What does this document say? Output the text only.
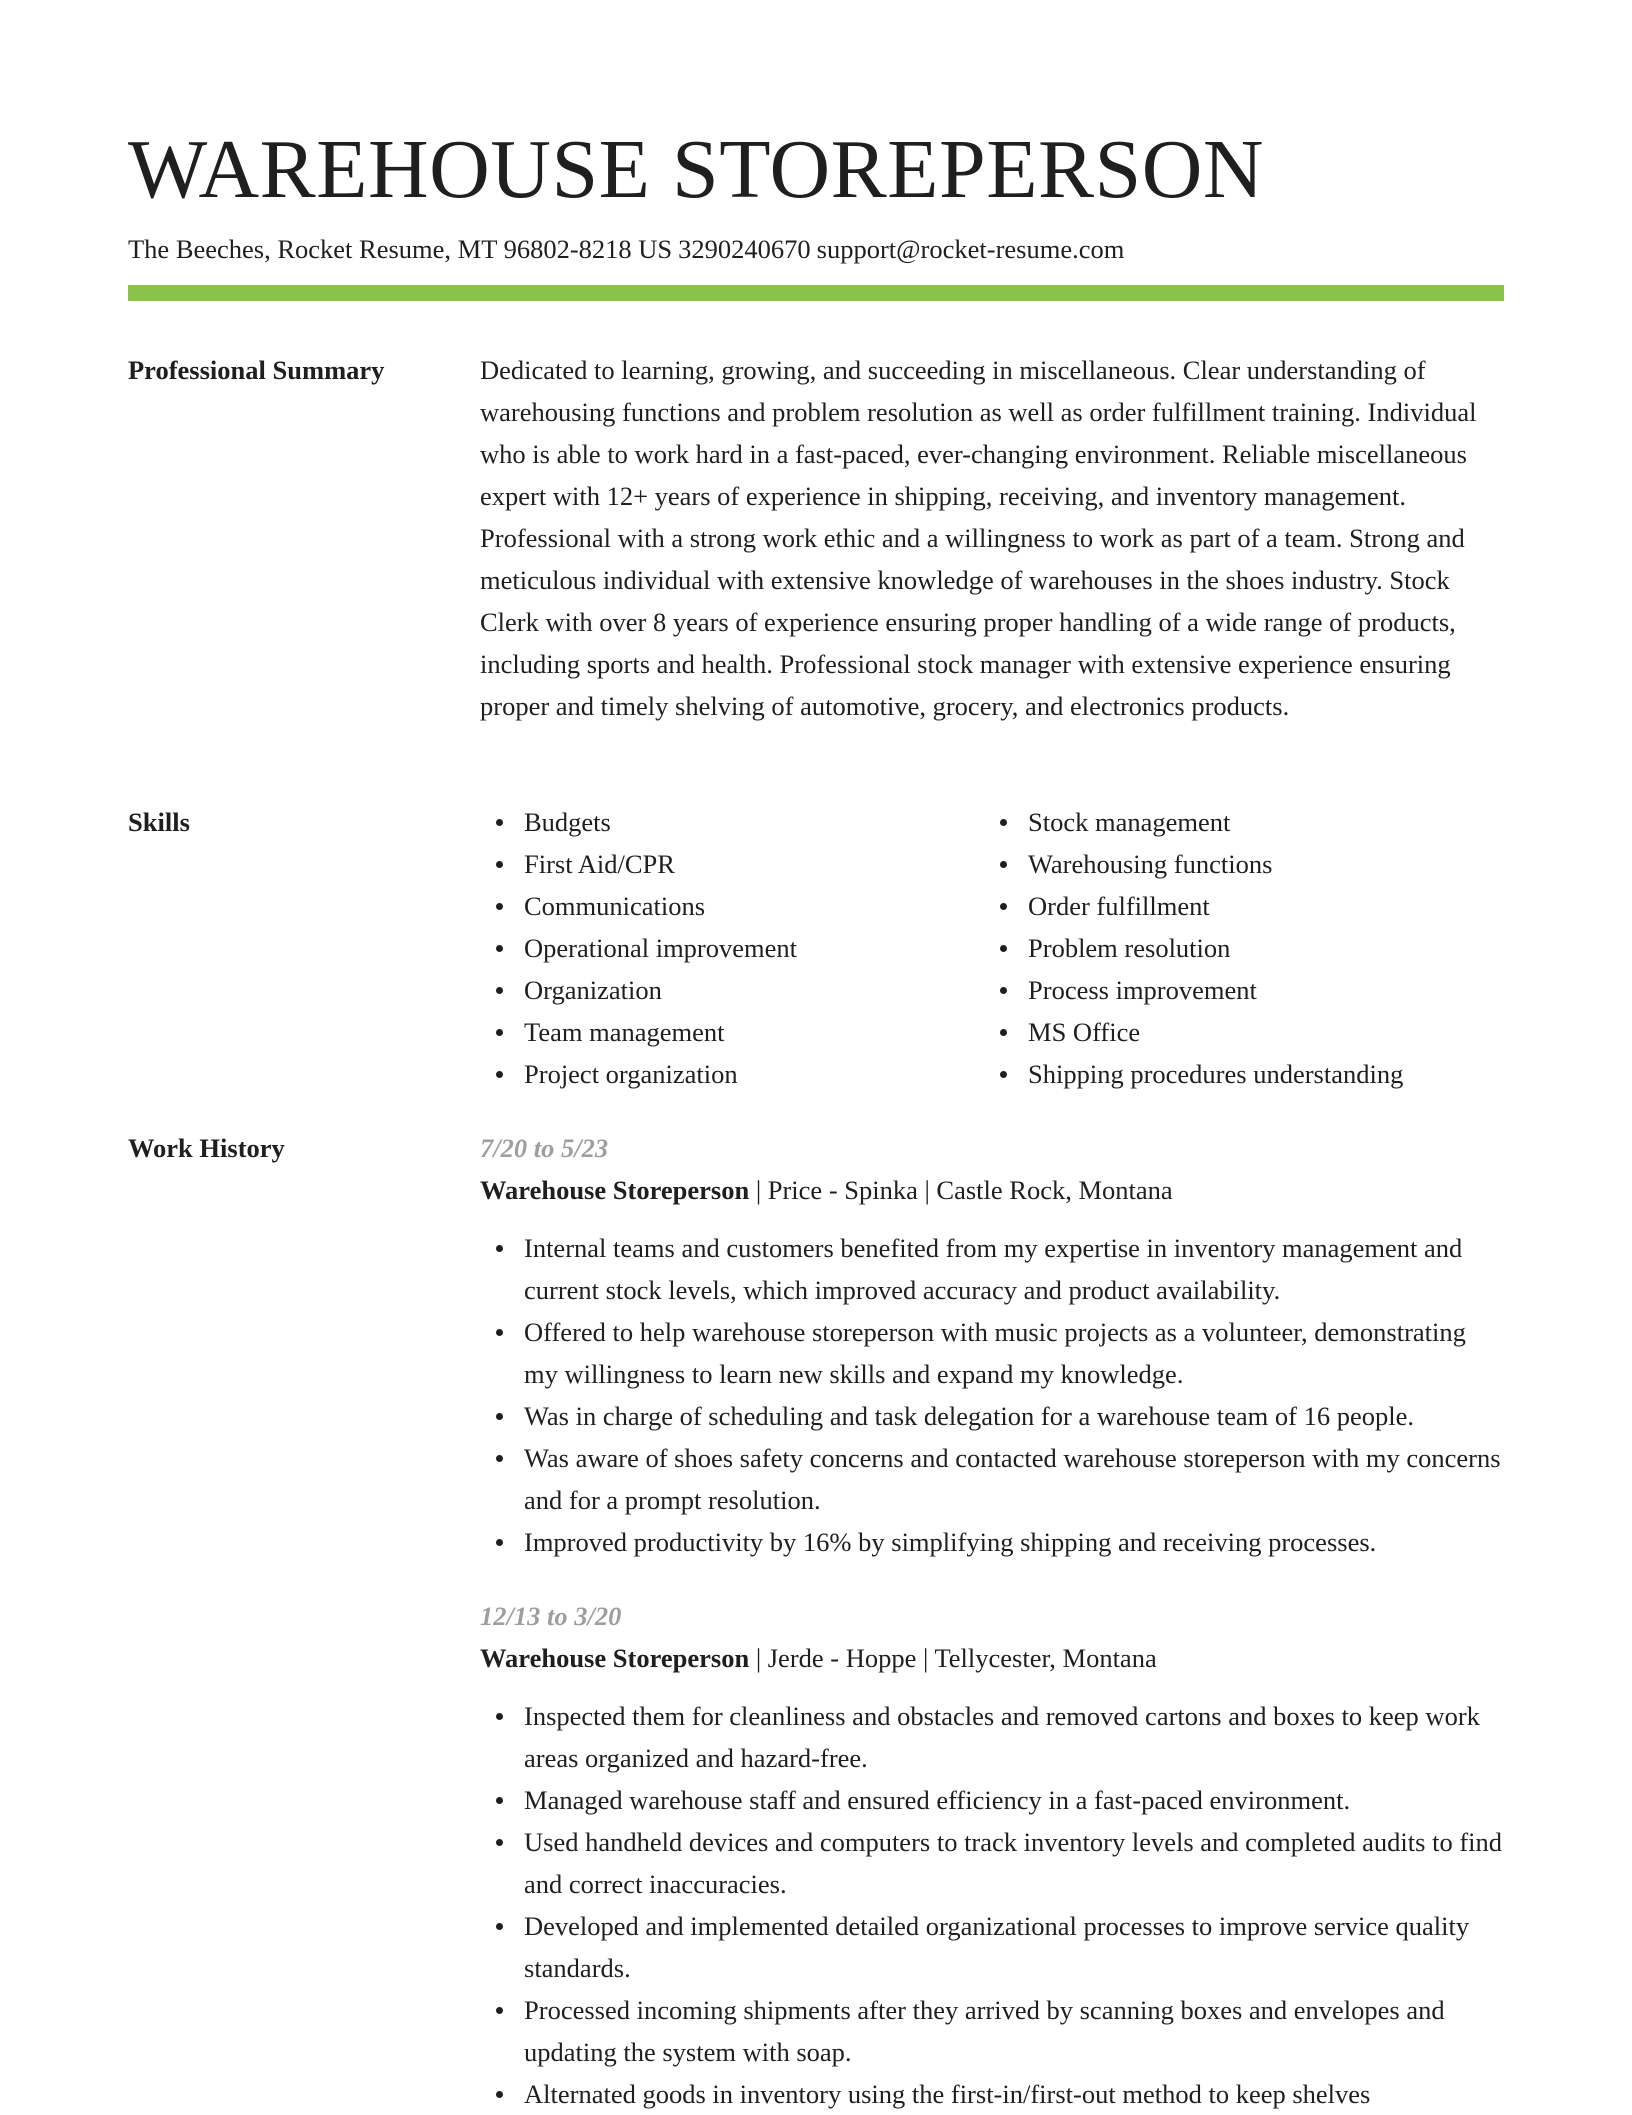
WAREHOUSE STOREPERSON
The Beeches, Rocket Resume, MT 96802-8218 US 3290240670 support@rocket-resume.com
Professional Summary	Dedicated to learning, growing, and succeeding in miscellaneous. Clear understanding of warehousing functions and problem resolution as well as order fulfillment training. Individual who is able to work hard in a fast-paced, ever-changing environment. Reliable miscellaneous expert with 12+ years of experience in shipping, receiving, and inventory management. Professional with a strong work ethic and a willingness to work as part of a team. Strong and meticulous individual with extensive knowledge of warehouses in the shoes industry. Stock Clerk with over 8 years of experience ensuring proper handling of a wide range of products, including sports and health. Professional stock manager with extensive experience ensuring proper and timely shelving of automotive, grocery, and electronics products.

Skills	Budgets
First Aid/CPR
Communications
Operational improvement
Organization
Team management
Project organization
Stock management
Warehousing functions
Order fulfillment
Problem resolution
Process improvement
MS Office
Shipping procedures understanding
Work History	7/20 to 5/23
Warehouse Storeperson | Price - Spinka | Castle Rock, Montana
Internal teams and customers benefited from my expertise in inventory management and current stock levels, which improved accuracy and product availability.
Offered to help warehouse storeperson with music projects as a volunteer, demonstrating my willingness to learn new skills and expand my knowledge.
Was in charge of scheduling and task delegation for a warehouse team of 16 people.
Was aware of shoes safety concerns and contacted warehouse storeperson with my concerns and for a prompt resolution.
Improved productivity by 16% by simplifying shipping and receiving processes.
12/13 to 3/20
Warehouse Storeperson | Jerde - Hoppe | Tellycester, Montana
Inspected them for cleanliness and obstacles and removed cartons and boxes to keep work areas organized and hazard-free.
Managed warehouse staff and ensured efficiency in a fast-paced environment.
Used handheld devices and computers to track inventory levels and completed audits to find and correct inaccuracies.
Developed and implemented detailed organizational processes to improve service quality standards.
Processed incoming shipments after they arrived by scanning boxes and envelopes and updating the system with soap.
Alternated goods in inventory using the first-in/first-out method to keep shelves
